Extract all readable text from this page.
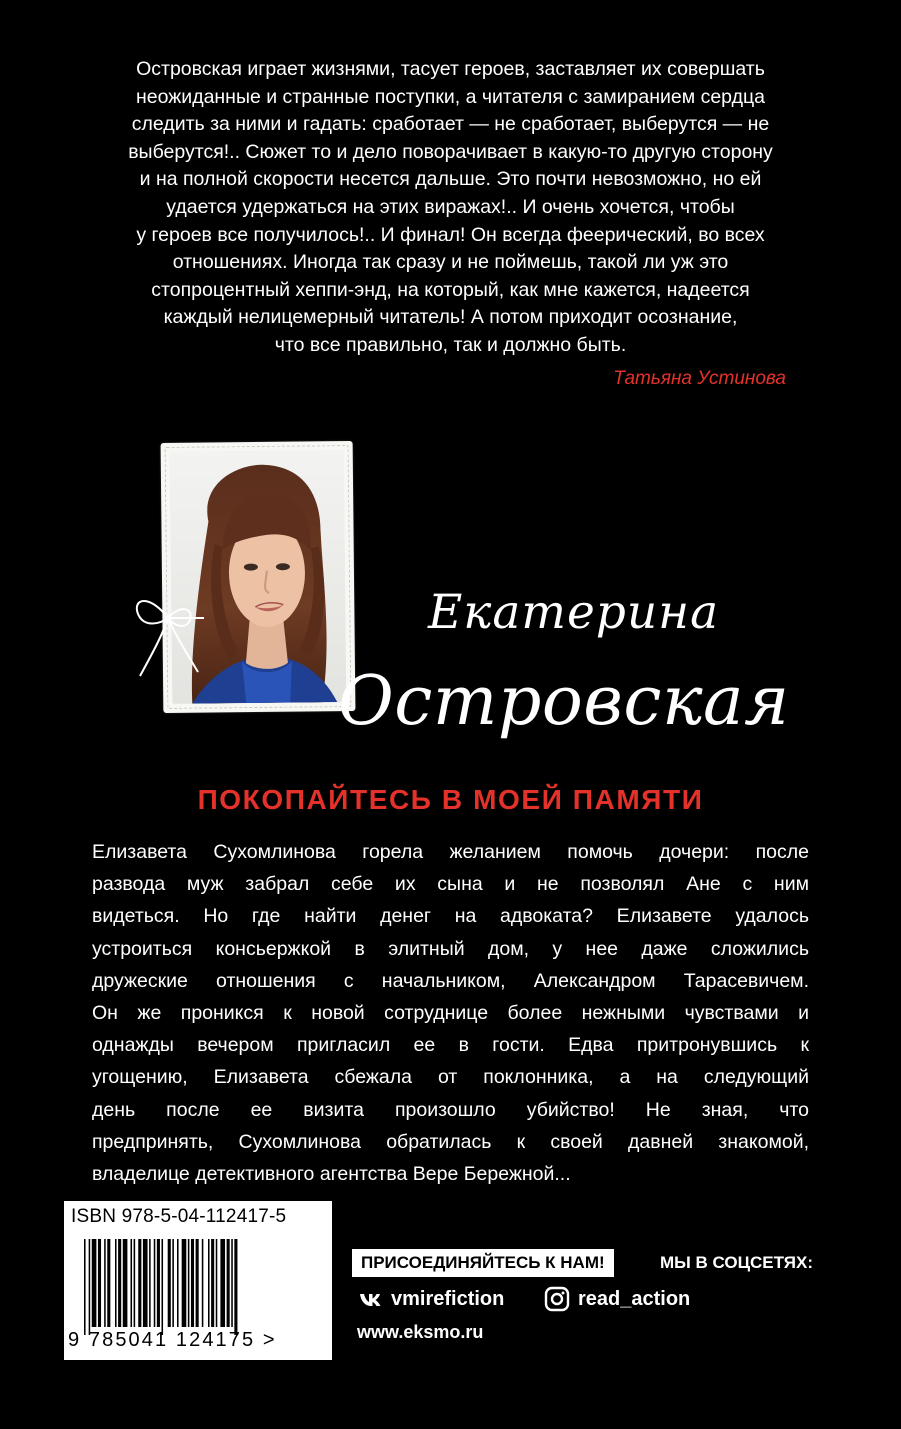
Островская играет жизнями, тасует героев, заставляет их совершать
неожиданные и странные поступки, а читателя с замиранием сердца
следить за ними и гадать: сработает — не сработает, выберутся — не
выберутся!.. Сюжет то и дело поворачивает в какую-то другую сторону
и на полной скорости несется дальше. Это почти невозможно, но ей
удается удержаться на этих виражах!.. И очень хочется, чтобы
у героев все получилось!.. И финал! Он всегда феерический, во всех
отношениях. Иногда так сразу и не поймешь, такой ли уж это
стопроцентный хеппи-энд, на который, как мне кажется, надеется
каждый нелицемерный читатель! А потом приходит осознание,
что все правильно, так и должно быть.
Татьяна Устинова
Екатерина
Островская
ПОКОПАЙТЕСЬ В МОЕЙ ПАМЯТИ
Елизавета Сухомлинова горела желанием помочь дочери: после
развода муж забрал себе их сына и не позволял Ане с ним
видеться. Но где найти денег на адвоката? Елизавете удалось
устроиться консьержкой в элитный дом, у нее даже сложились
дружеские отношения с начальником, Александром Тарасевичем.
Он же проникся к новой сотруднице более нежными чувствами и
однажды вечером пригласил ее в гости. Едва притронувшись к
угощению, Елизавета сбежала от поклонника, а на следующий
день после ее визита произошло убийство! Не зная, что
предпринять, Сухомлинова обратилась к своей давней знакомой,
владелице детективного агентства Вере Бережной...
ISBN 978-5-04-112417-5
9 785041 124175 >
ПРИСОЕДИНЯЙТЕСЬ К НАМ!	МЫ В СОЦСЕТЯХ:
vmirefiction	read_action
www.eksmo.ru
